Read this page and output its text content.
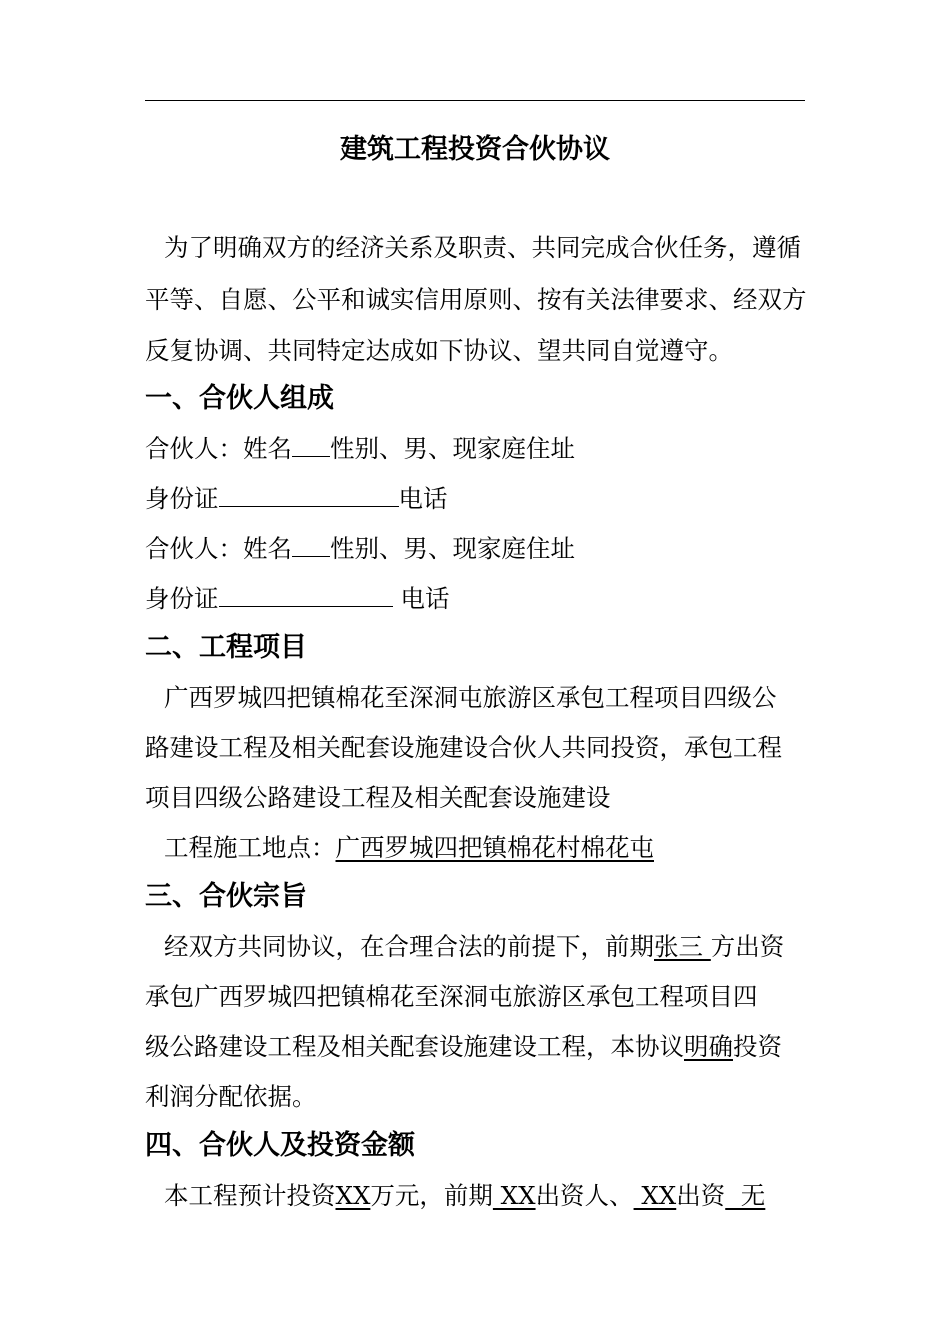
建筑工程投资合伙协议
为了明确双方的经济关系及职责、共同完成合伙任务，遵循
平等、自愿、公平和诚实信用原则、按有关法律要求、经双方
反复协调、共同特定达成如下协议、望共同自觉遵守。
一、合伙人组成
合伙人：姓名 性别、男、现家庭住址
身份证	电话
合伙人：姓名 性别、男、现家庭住址
身份证	电话
二、工程项目
广西罗城四把镇棉花至深洞屯旅游区承包工程项目四级公
路建设工程及相关配套设施建设合伙人共同投资，承包工程
项目四级公路建设工程及相关配套设施建设
工程施工地点：广西罗城四把镇棉花村棉花屯
三、合伙宗旨
经双方共同协议，在合理合法的前提下，前期张三 方出资
承包广西罗城四把镇棉花至深洞屯旅游区承包工程项目四
级公路建设工程及相关配套设施建设工程，本协议明确投资
利润分配依据。
四、合伙人及投资金额
本工程预计投资XX万元，前期 XX出资人、 XX出资  无
